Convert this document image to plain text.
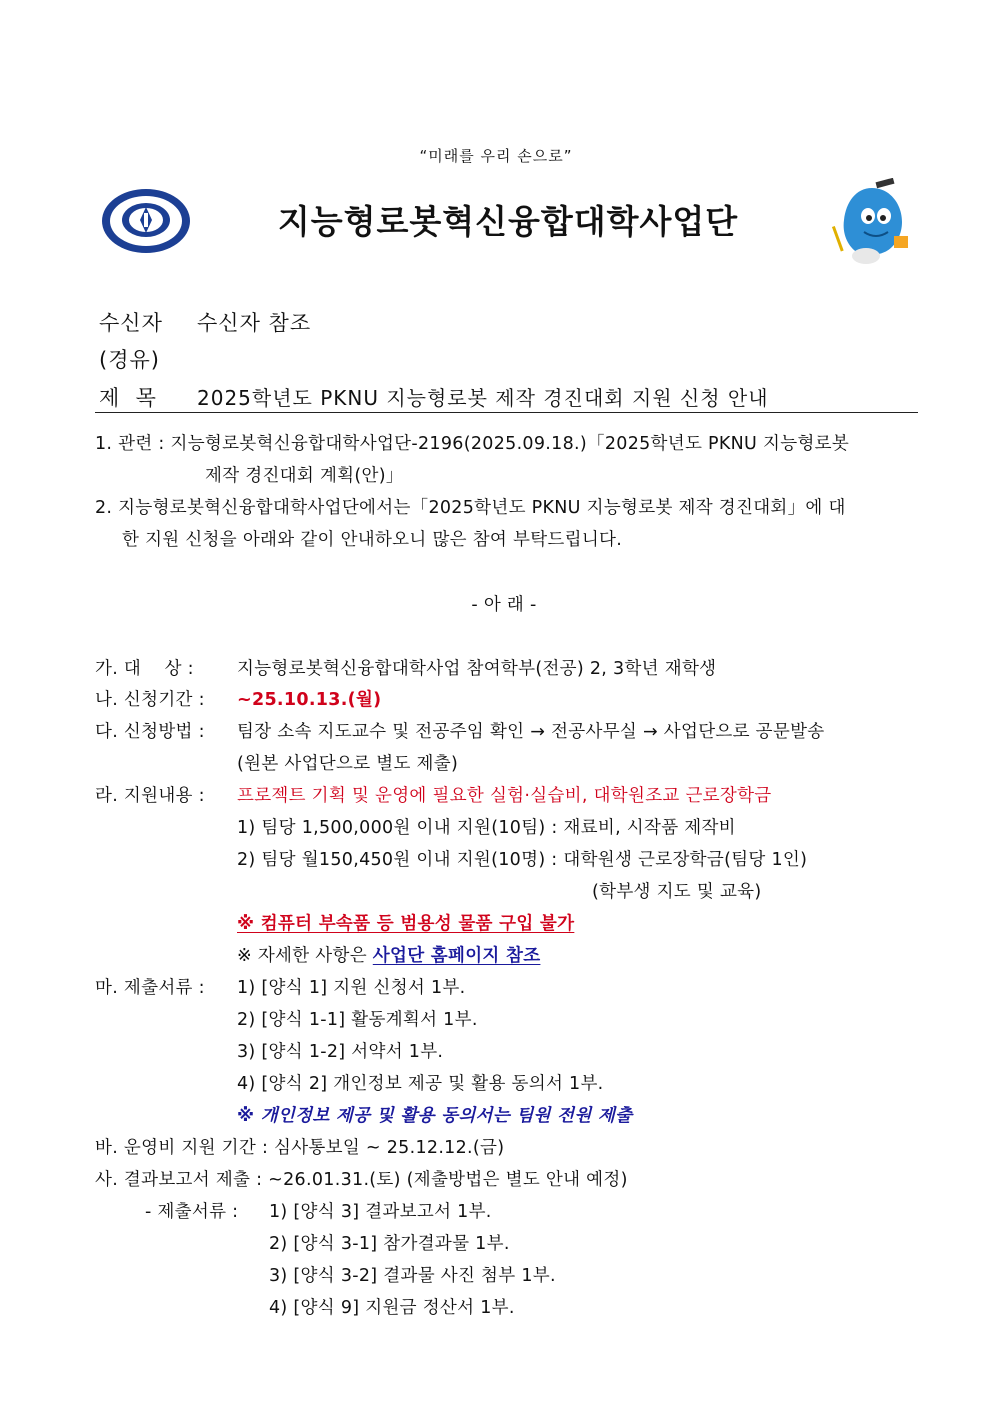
“미래를 우리 손으로”
지능형로봇혁신융합대학사업단
수신자 수신자 참조
(경유)
제  목 2025학년도 PKNU 지능형로봇 제작 경진대회 지원 신청 안내
1. 관련 : 지능형로봇혁신융합대학사업단-2196(2025.09.18.)「2025학년도 PKNU 지능형로봇
제작 경진대회 계획(안)」
2. 지능형로봇혁신융합대학사업단에서는「2025학년도 PKNU 지능형로봇 제작 경진대회」에 대
한 지원 신청을 아래와 같이 안내하오니 많은 참여 부탁드립니다.
- 아 래 -
가. 대    상 : 지능형로봇혁신융합대학사업 참여학부(전공) 2, 3학년 재학생
나. 신청기간 : ~25.10.13.(월)
다. 신청방법 : 팀장 소속 지도교수 및 전공주임 확인 → 전공사무실 → 사업단으로 공문발송
(원본 사업단으로 별도 제출)
라. 지원내용 : 프로젝트 기획 및 운영에 필요한 실험·실습비, 대학원조교 근로장학금
1) 팀당 1,500,000원 이내 지원(10팀) : 재료비, 시작품 제작비
2) 팀당 월150,450원 이내 지원(10명) : 대학원생 근로장학금(팀당 1인)
(학부생 지도 및 교육)
※ 컴퓨터 부속품 등 범용성 물품 구입 불가
※ 자세한 사항은 사업단 홈페이지 참조
마. 제출서류 : 1) [양식 1] 지원 신청서 1부.
2) [양식 1-1] 활동계획서 1부.
3) [양식 1-2] 서약서 1부.
4) [양식 2] 개인정보 제공 및 활용 동의서 1부.
※ 개인정보 제공 및 활용 동의서는 팀원 전원 제출
바. 운영비 지원 기간 : 심사통보일 ~ 25.12.12.(금)
사. 결과보고서 제출 : ~26.01.31.(토) (제출방법은 별도 안내 예정)
- 제출서류 : 1) [양식 3] 결과보고서 1부.
2) [양식 3-1] 참가결과물 1부.
3) [양식 3-2] 결과물 사진 첨부 1부.
4) [양식 9] 지원금 정산서 1부.
